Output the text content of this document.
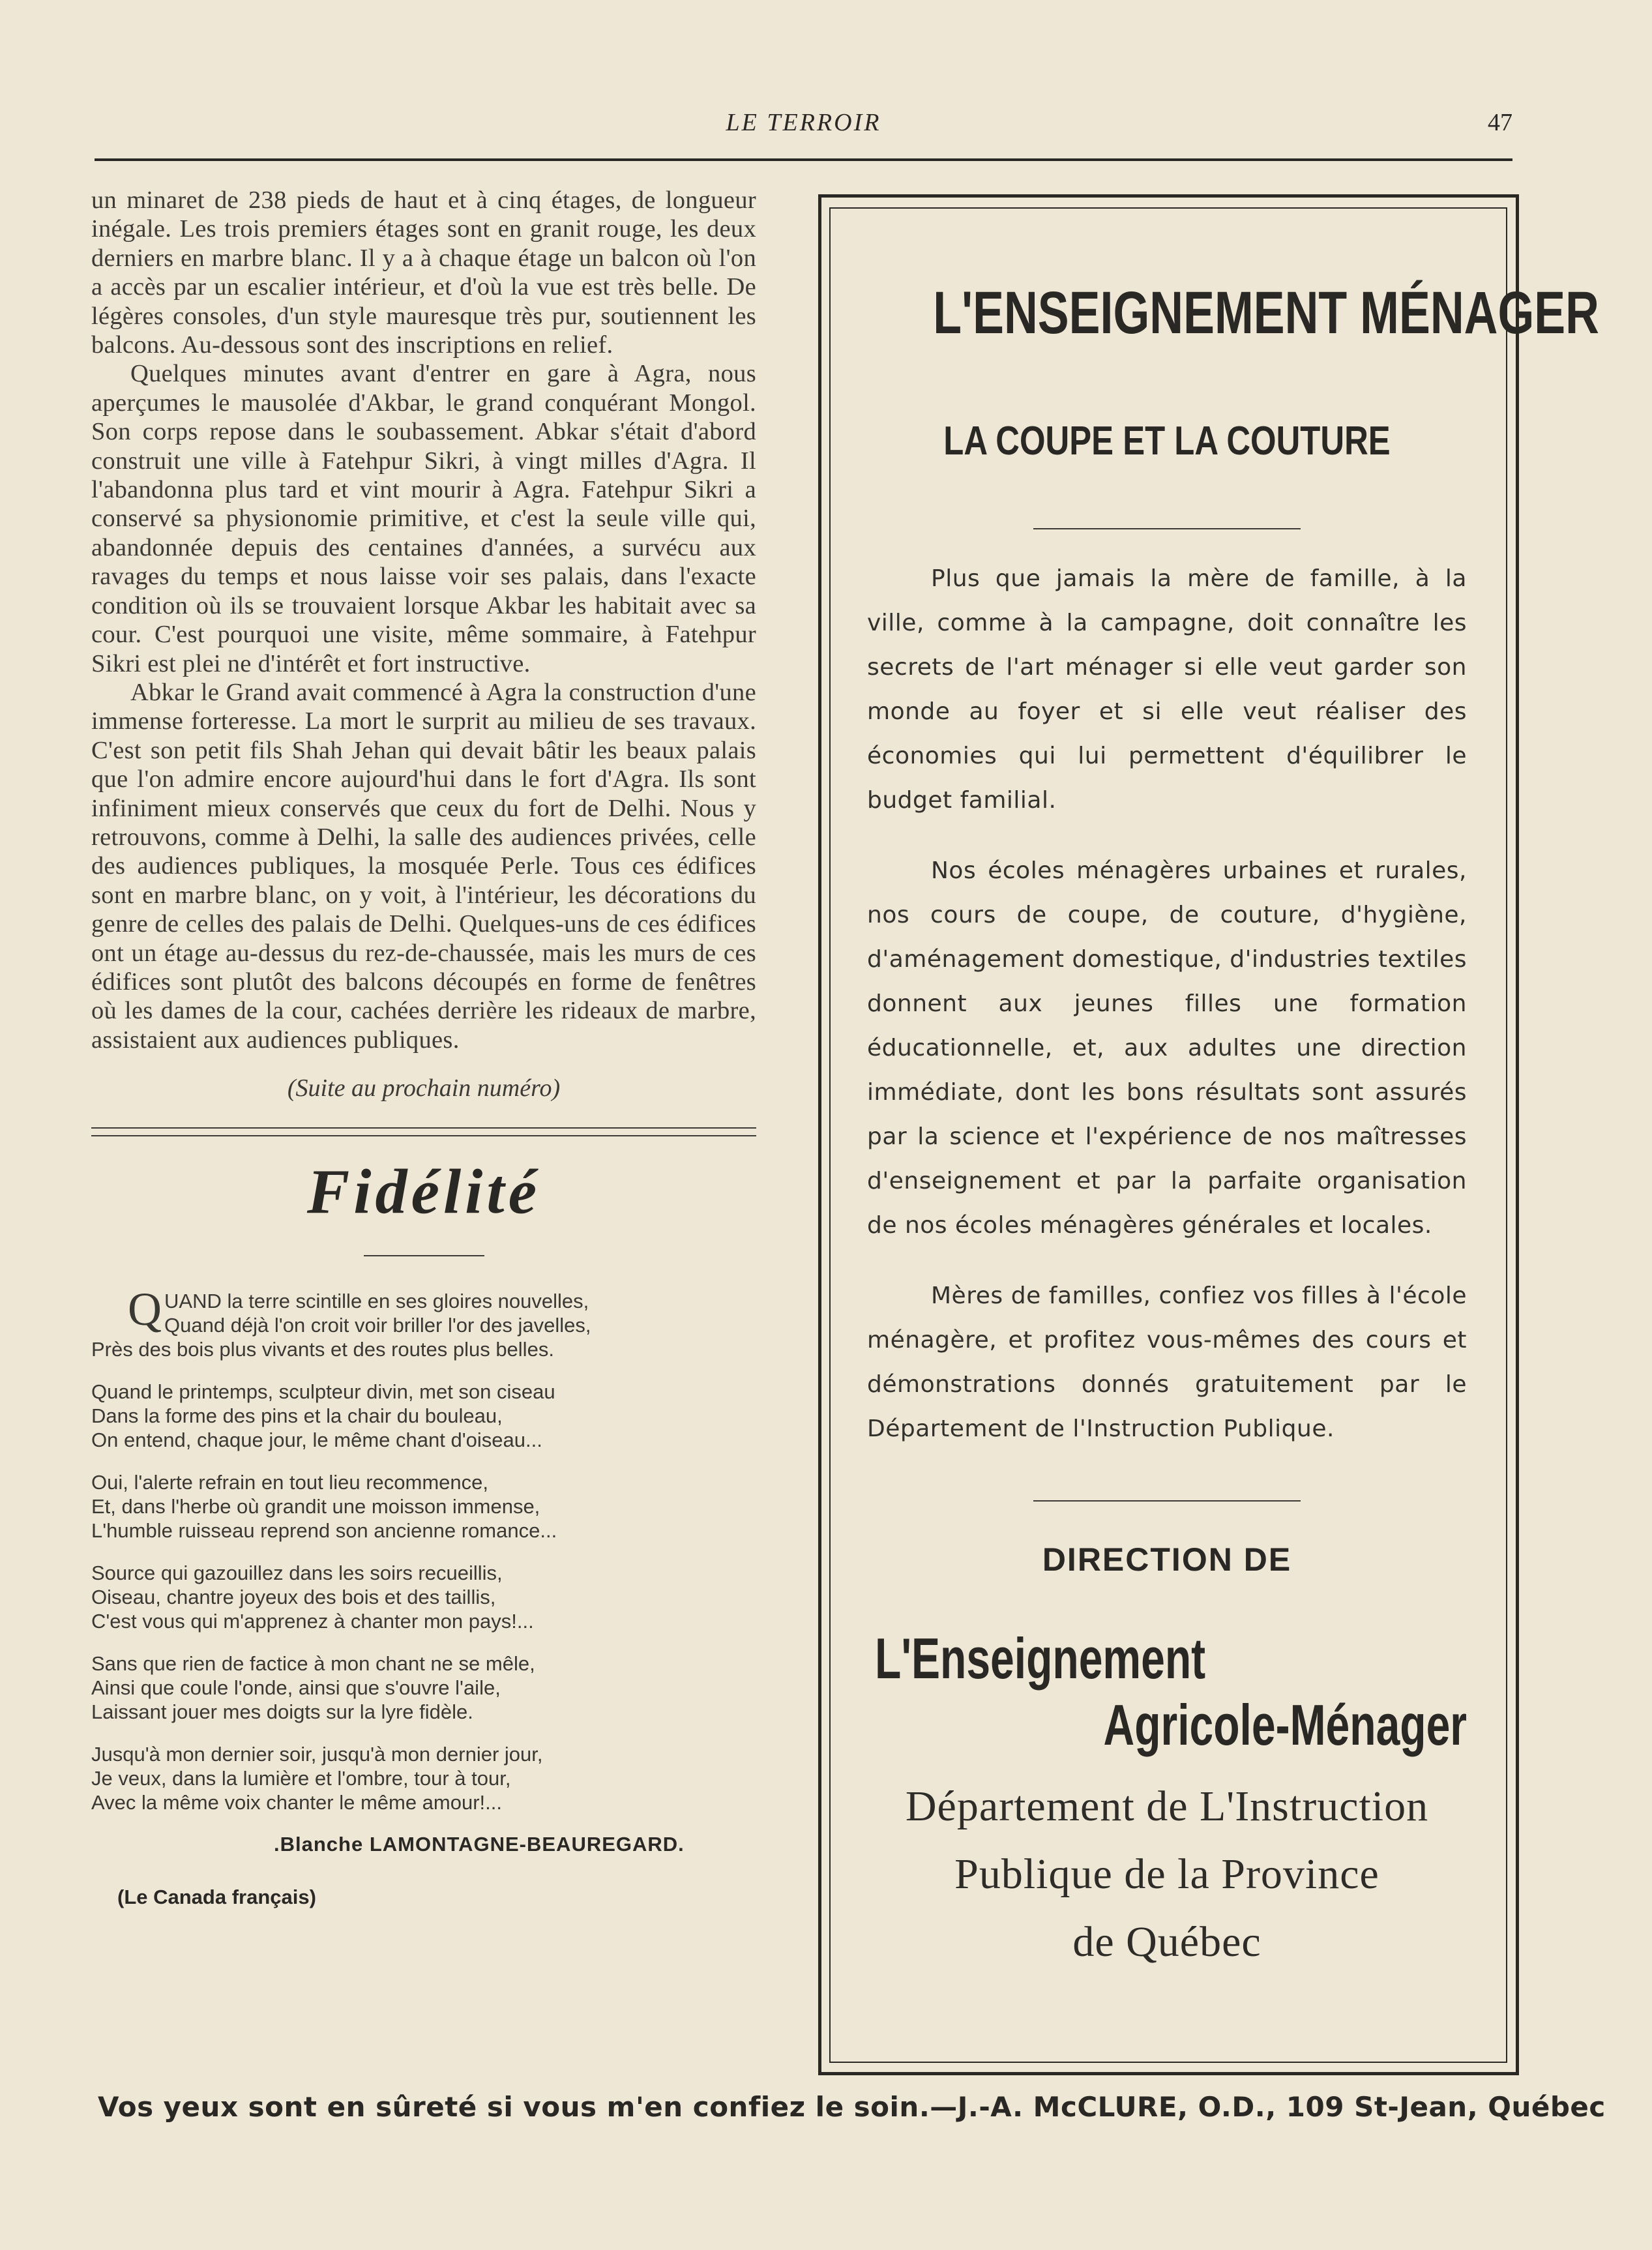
LE TERROIR	47

un minaret de 238 pieds de haut et à cinq étages, de longueur inégale. Les trois premiers étages sont en granit rouge, les deux derniers en marbre blanc. Il y a à chaque étage un balcon où l'on a accès par un escalier intérieur, et d'où la vue est très belle. De légères consoles, d'un style mauresque très pur, soutiennent les balcons. Au-dessous sont des inscriptions en relief.

Quelques minutes avant d'entrer en gare à Agra, nous aperçumes le mausolée d'Akbar, le grand conquérant Mongol. Son corps repose dans le soubassement. Abkar s'était d'abord construit une ville à Fatehpur Sikri, à vingt milles d'Agra. Il l'abandonna plus tard et vint mourir à Agra. Fatehpur Sikri a conservé sa physionomie primitive, et c'est la seule ville qui, abandonnée depuis des centaines d'années, a survécu aux ravages du temps et nous laisse voir ses palais, dans l'exacte condition où ils se trouvaient lorsque Akbar les habitait avec sa cour. C'est pourquoi une visite, même sommaire, à Fatehpur Sikri est plei ne d'intérêt et fort instructive.

Abkar le Grand avait commencé à Agra la construction d'une immense forteresse. La mort le surprit au milieu de ses travaux. C'est son petit fils Shah Jehan qui devait bâtir les beaux palais que l'on admire encore aujourd'hui dans le fort d'Agra. Ils sont infiniment mieux conservés que ceux du fort de Delhi. Nous y retrouvons, comme à Delhi, la salle des audiences privées, celle des audiences publiques, la mosquée Perle. Tous ces édifices sont en marbre blanc, on y voit, à l'intérieur, les décorations du genre de celles des palais de Delhi. Quelques-uns de ces édifices ont un étage au-dessus du rez-de-chaussée, mais les murs de ces édifices sont plutôt des balcons découpés en forme de fenêtres où les dames de la cour, cachées derrière les rideaux de marbre, assistaient aux audiences publiques.

(Suite au prochain numéro)
Fidélité
Q UAND la terre scintille en ses gloires nouvelles,
Quand déjà l'on croit voir briller l'or des javelles,
Près des bois plus vivants et des routes plus belles.
Quand le printemps, sculpteur divin, met son ciseau
Dans la forme des pins et la chair du bouleau,
On entend, chaque jour, le même chant d'oiseau...
Oui, l'alerte refrain en tout lieu recommence,
Et, dans l'herbe où grandit une moisson immense,
L'humble ruisseau reprend son ancienne romance...
Source qui gazouillez dans les soirs recueillis,
Oiseau, chantre joyeux des bois et des taillis,
C'est vous qui m'apprenez à chanter mon pays!...
Sans que rien de factice à mon chant ne se mêle,
Ainsi que coule l'onde, ainsi que s'ouvre l'aile,
Laissant jouer mes doigts sur la lyre fidèle.
Jusqu'à mon dernier soir, jusqu'à mon dernier jour,
Je veux, dans la lumière et l'ombre, tour à tour,
Avec la même voix chanter le même amour!...
.Blanche LAMONTAGNE-BEAUREGARD.
(Le Canada français)
L'ENSEIGNEMENT MÉNAGER
LA COUPE ET LA COUTURE

Plus que jamais la mère de famille, à la ville, comme à la campagne, doit connaître les secrets de l'art ménager si elle veut garder son monde au foyer et si elle veut réaliser des économies qui lui permettent d'équilibrer le budget familial.

Nos écoles ménagères urbaines et rurales, nos cours de coupe, de couture, d'hygiène, d'aménagement domestique, d'industries textiles donnent aux jeunes filles une formation éducationnelle, et, aux adultes une direction immédiate, dont les bons résultats sont assurés par la science et l'expérience de nos maîtresses d'enseignement et par la parfaite organisation de nos écoles ménagères générales et locales.

Mères de familles, confiez vos filles à l'école ménagère, et profitez vous-mêmes des cours et démonstrations donnés gratuitement par le Département de l'Instruction Publique.

DIRECTION DE
L'Enseignement
Agricole-Ménager
Département de L'Instruction
Publique de la Province
de Québec
Vos yeux sont en sûreté si vous m'en confiez le soin.—J.-A. McCLURE, O.D., 109 St-Jean, Québec
